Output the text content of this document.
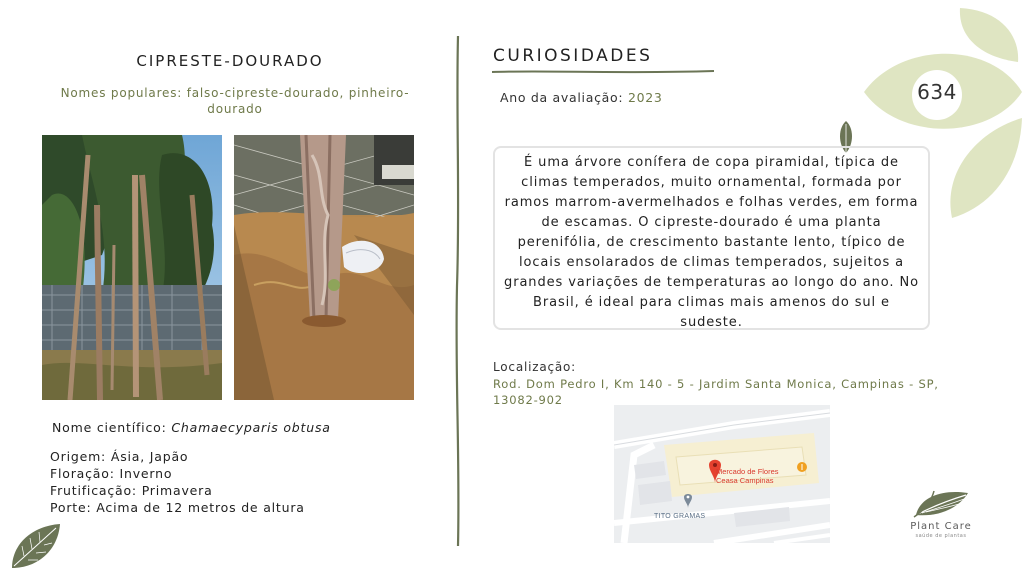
CIPRESTE-DOURADO
Nomes populares: falso-cipreste-dourado, pinheiro-dourado
Nome científico: Chamaecyparis obtusa
Origem: Ásia, Japão
Floração: Inverno
Frutificação: Primavera
Porte: Acima de 12 metros de altura
CURIOSIDADES
Ano da avaliação: 2023
É uma árvore conífera de copa piramidal, típica de climas temperados, muito ornamental, formada por ramos marrom-avermelhados e folhas verdes, em forma de escamas. O cipreste-dourado é uma planta perenifólia, de crescimento bastante lento, típico de locais ensolarados de climas temperados, sujeitos a grandes variações de temperaturas ao longo do ano. No Brasil, é ideal para climas mais amenos do sul e sudeste.
Localização:
Rod. Dom Pedro I, Km 140 - 5 - Jardim Santa Monica, Campinas - SP, 13082-902
Mercado de Flores
Ceasa Campinas
TITO GRAMAS
634
Plant Care
saúde de plantas
